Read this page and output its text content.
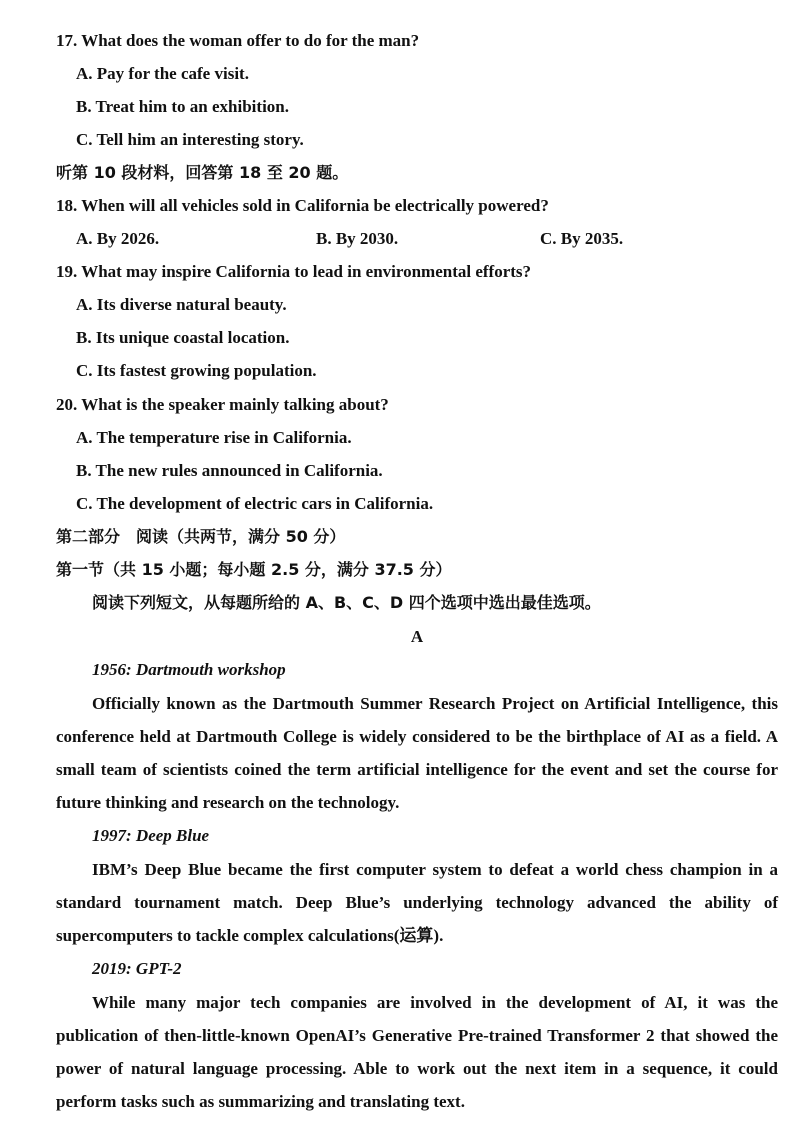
17. What does the woman offer to do for the man?
A. Pay for the cafe visit.
B. Treat him to an exhibition.
C. Tell him an interesting story.
听第 10 段材料，回答第 18 至 20 题。
18. When will all vehicles sold in California be electrically powered?
A. By 2026.	B. By 2030.	C. By 2035.
19. What may inspire California to lead in environmental efforts?
A. Its diverse natural beauty.
B. Its unique coastal location.
C. Its fastest growing population.
20. What is the speaker mainly talking about?
A. The temperature rise in California.
B. The new rules announced in California.
C. The development of electric cars in California.
第二部分　阅读（共两节，满分 50 分）
第一节（共 15 小题；每小题 2.5 分，满分 37.5 分）
阅读下列短文，从每题所给的 A、B、C、D 四个选项中选出最佳选项。
A
1956: Dartmouth workshop
Officially known as the Dartmouth Summer Research Project on Artificial Intelligence, this conference held at Dartmouth College is widely considered to be the birthplace of AI as a field. A small team of scientists coined the term artificial intelligence for the event and set the course for future thinking and research on the technology.
1997: Deep Blue
IBM’s Deep Blue became the first computer system to defeat a world chess champion in a standard tournament match. Deep Blue’s underlying technology advanced the ability of supercomputers to tackle complex calculations(运算).
2019: GPT-2
While many major tech companies are involved in the development of AI, it was the publication of then-little-known OpenAI’s Generative Pre-trained Transformer 2 that showed the power of natural language processing. Able to work out the next item in a sequence, it could perform tasks such as summarizing and translating text.
